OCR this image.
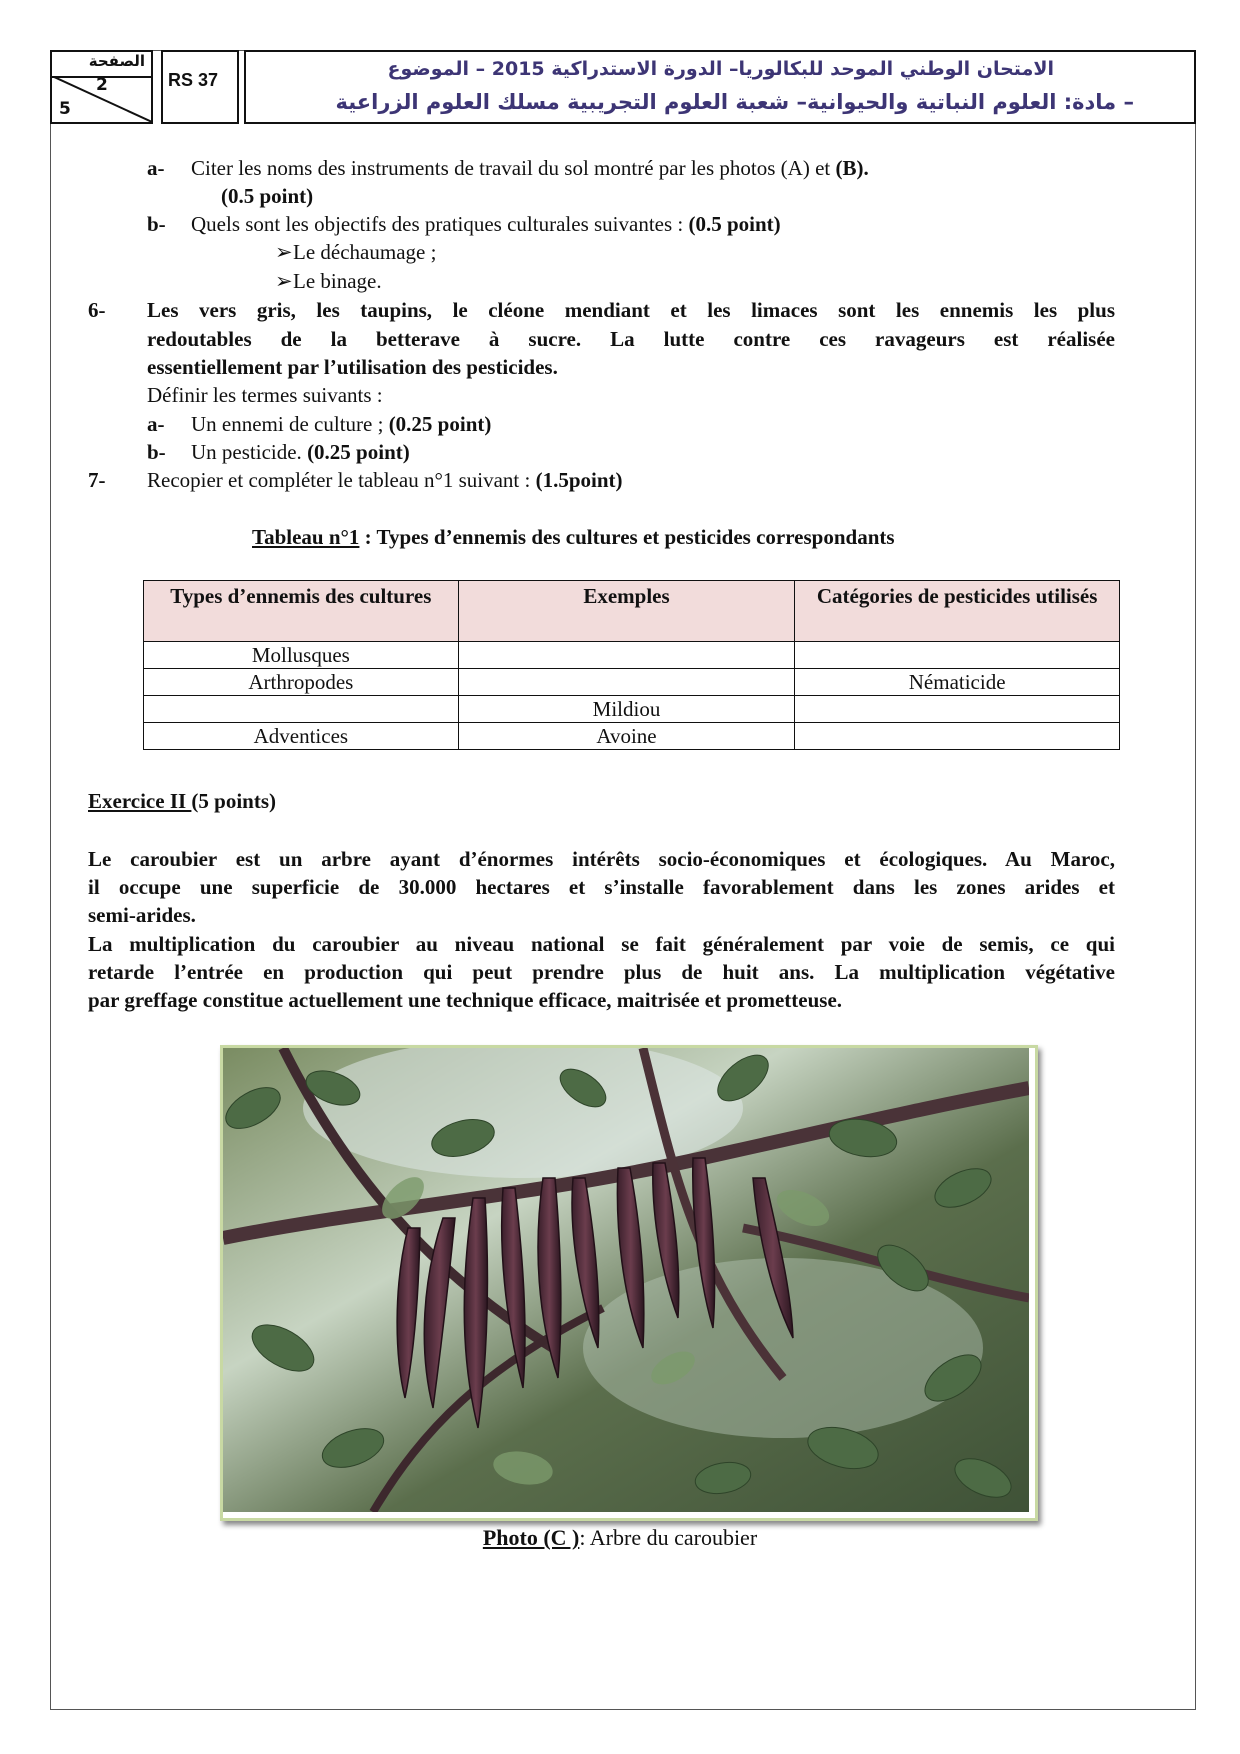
الصفحة
2
5
RS 37	الامتحان الوطني الموحد للبكالوريا– الدورة الاستدراكية 2015 – الموضوع
– مادة: العلوم النباتية والحيوانية– شعبة العلوم التجريبية مسلك العلوم الزراعية
a- Citer les noms des instruments de travail du sol montré par les photos (A) et (B).
(0.5 point)
b- Quels sont les objectifs des pratiques culturales suivantes : (0.5 point)
➢ Le déchaumage ;
➢ Le binage.
6- Les vers gris, les taupins, le cléone mendiant et les limaces sont les ennemis les plus
redoutables de la betterave à sucre. La lutte contre ces ravageurs est réalisée
essentiellement par l’utilisation des pesticides.
Définir les termes suivants :
a- Un ennemi de culture ; (0.25 point)
b- Un pesticide. (0.25 point)
7- Recopier et compléter le tableau n°1 suivant : (1.5point)
Tableau n°1 : Types d’ennemis des cultures et pesticides correspondants
Types d’ennemis des cultures	Exemples	Catégories de pesticides utilisés
Mollusques		
Arthropodes		Nématicide
	Mildiou	
Adventices	Avoine	
Exercice II (5 points)
Le caroubier est un arbre ayant d’énormes intérêts socio-économiques et écologiques. Au Maroc,
il occupe une superficie de 30.000 hectares et s’installe favorablement dans les zones arides et
semi-arides.
La multiplication du caroubier au niveau national se fait généralement par voie de semis, ce qui
retarde l’entrée en production qui peut prendre plus de huit ans. La multiplication végétative
par greffage constitue actuellement une technique efficace, maitrisée et prometteuse.
Photo (C ): Arbre du caroubier
